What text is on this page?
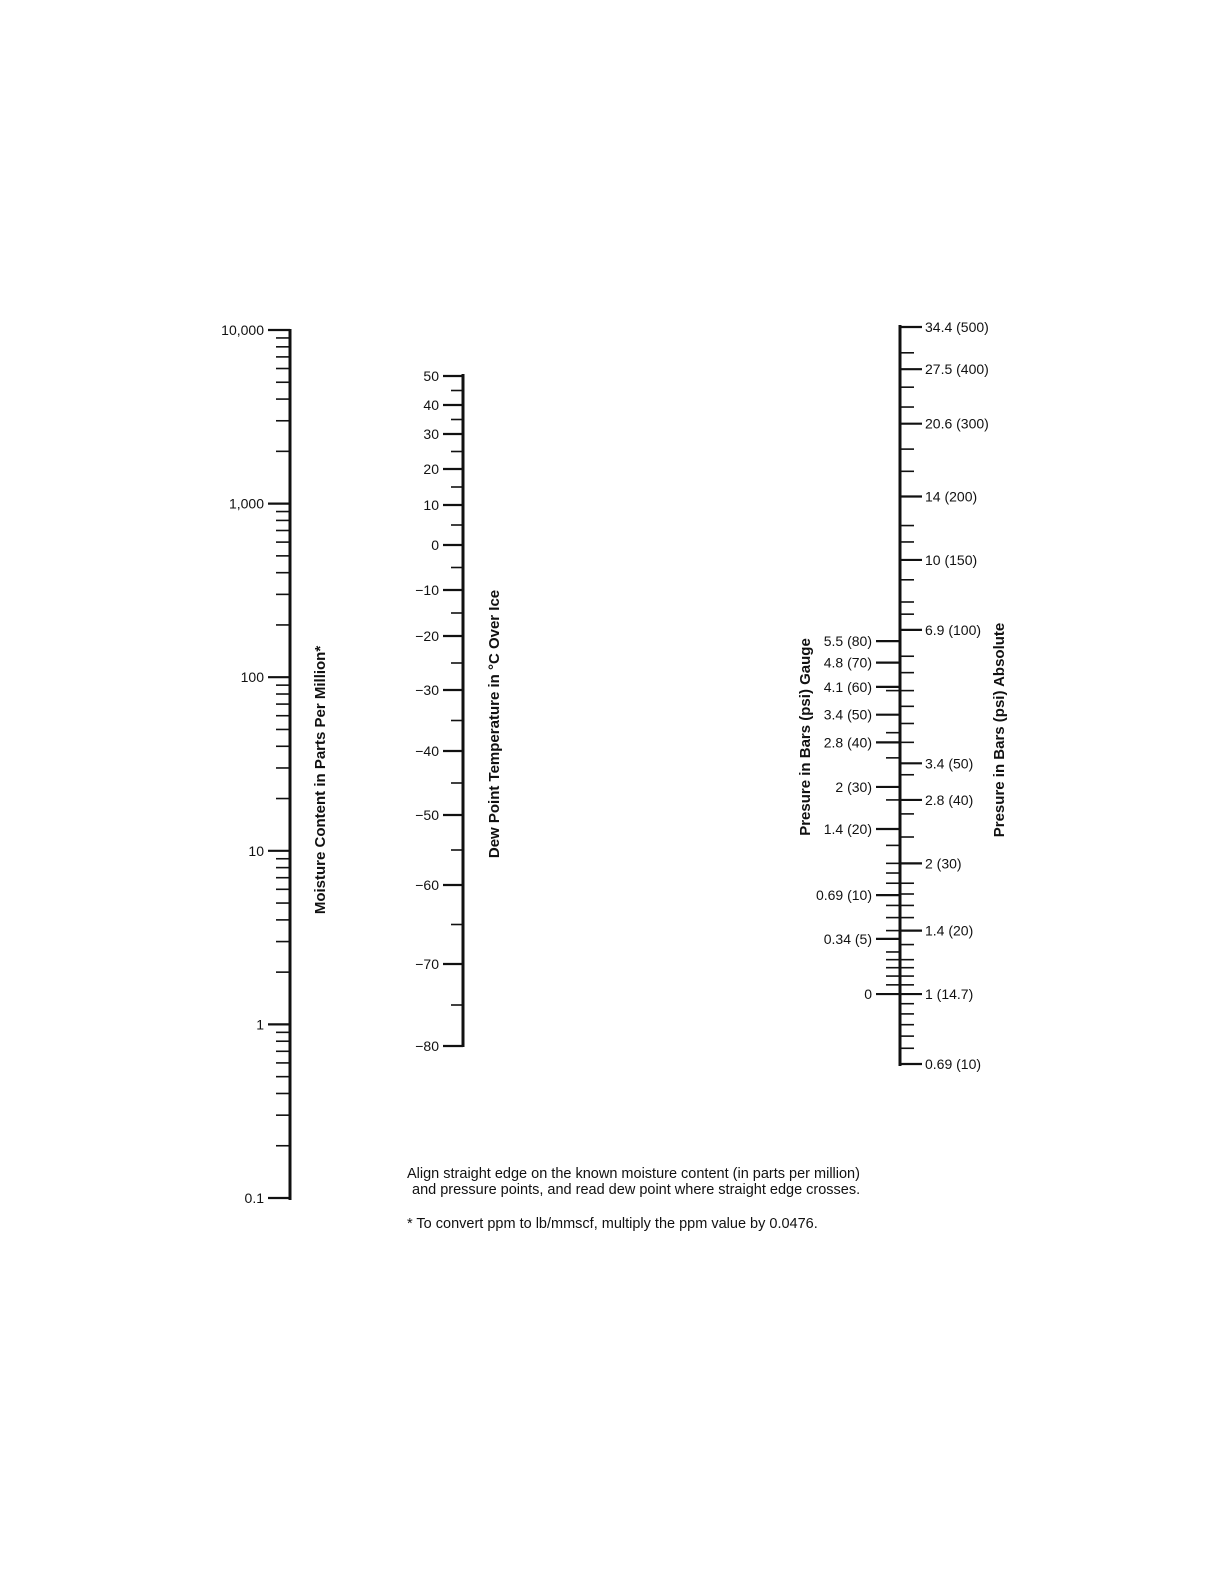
10,000
1,000
100
10
1
0.1
Moisture Content in Parts Per Million*
50
40
30
20
10
0
−10
−20
−30
−40
−50
−60
−70
−80
Dew Point Temperature in °C Over Ice
34.4 (500)
27.5 (400)
20.6 (300)
14 (200)
10 (150)
6.9 (100)
3.4 (50)
2.8 (40)
2 (30)
1.4 (20)
1 (14.7)
0.69 (10)
5.5 (80)
4.8 (70)
4.1 (60)
3.4 (50)
2.8 (40)
2 (30)
1.4 (20)
0.69 (10)
0.34 (5)
0
Presure in Bars (psi) Gauge	Presure in Bars (psi) Absolute

Align straight edge on the known moisture content (in parts per million)

and pressure points, and read dew point where straight edge crosses.

* To convert ppm to lb/mmscf, multiply the ppm value by 0.0476.
